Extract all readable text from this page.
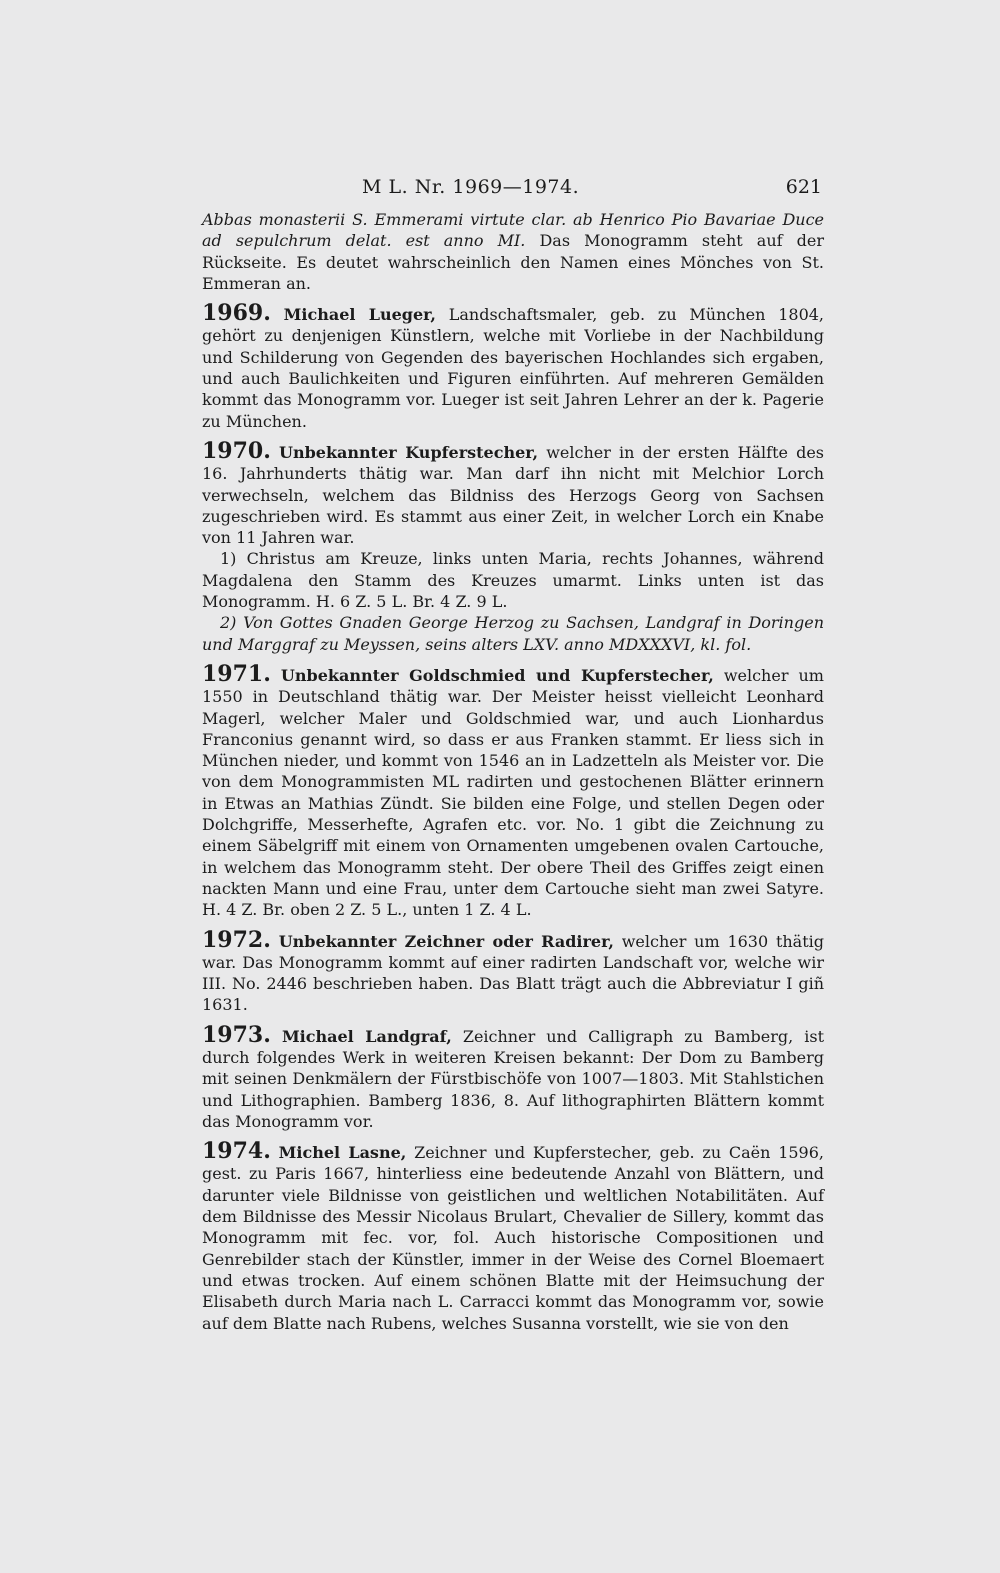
M L. Nr. 1969—1974.	621

Abbas monasterii S. Emmerami virtute clar. ab Henrico Pio Bavariae Duce ad sepulchrum delat. est anno MI. Das Monogramm steht auf der Rückseite. Es deutet wahrscheinlich den Namen eines Mönches von St. Emmeran an.

1969. Michael Lueger, Landschaftsmaler, geb. zu München 1804, gehört zu denjenigen Künstlern, welche mit Vorliebe in der Nachbildung und Schilderung von Gegenden des bayerischen Hochlandes sich ergaben, und auch Baulichkeiten und Figuren einführten. Auf mehreren Gemälden kommt das Monogramm vor. Lueger ist seit Jahren Lehrer an der k. Pagerie zu München.

1970. Unbekannter Kupferstecher, welcher in der ersten Hälfte des 16. Jahrhunderts thätig war. Man darf ihn nicht mit Melchior Lorch verwechseln, welchem das Bildniss des Herzogs Georg von Sachsen zugeschrieben wird. Es stammt aus einer Zeit, in welcher Lorch ein Knabe von 11 Jahren war.

1) Christus am Kreuze, links unten Maria, rechts Johannes, während Magdalena den Stamm des Kreuzes umarmt. Links unten ist das Monogramm. H. 6 Z. 5 L. Br. 4 Z. 9 L.

2) Von Gottes Gnaden George Herzog zu Sachsen, Landgraf in Doringen und Marggraf zu Meyssen, seins alters LXV. anno MDXXXVI, kl. fol.

1971. Unbekannter Goldschmied und Kupferstecher, welcher um 1550 in Deutschland thätig war. Der Meister heisst vielleicht Leonhard Magerl, welcher Maler und Goldschmied war, und auch Lionhardus Franconius genannt wird, so dass er aus Franken stammt. Er liess sich in München nieder, und kommt von 1546 an in Ladzetteln als Meister vor. Die von dem Monogrammisten ML radirten und gestochenen Blätter erinnern in Etwas an Mathias Zündt. Sie bilden eine Folge, und stellen Degen oder Dolchgriffe, Messerhefte, Agrafen etc. vor. No. 1 gibt die Zeichnung zu einem Säbelgriff mit einem von Ornamenten umgebenen ovalen Cartouche, in welchem das Monogramm steht. Der obere Theil des Griffes zeigt einen nackten Mann und eine Frau, unter dem Cartouche sieht man zwei Satyre. H. 4 Z. Br. oben 2 Z. 5 L., unten 1 Z. 4 L.
1972. Unbekannter Zeichner oder Radirer, welcher um 1630 thätig war. Das Monogramm kommt auf einer radirten Landschaft vor, welche wir III. No. 2446 beschrieben haben. Das Blatt trägt auch die Abbreviatur I giñ 1631.
1973. Michael Landgraf, Zeichner und Calligraph zu Bamberg, ist durch folgendes Werk in weiteren Kreisen bekannt: Der Dom zu Bamberg mit seinen Denkmälern der Fürstbischöfe von 1007—1803. Mit Stahlstichen und Lithographien. Bamberg 1836, 8. Auf lithographirten Blättern kommt das Monogramm vor.
1974. Michel Lasne, Zeichner und Kupferstecher, geb. zu Caën 1596, gest. zu Paris 1667, hinterliess eine bedeutende Anzahl von Blättern, und darunter viele Bildnisse von geistlichen und weltlichen Notabilitäten. Auf dem Bildnisse des Messir Nicolaus Brulart, Chevalier de Sillery, kommt das Monogramm mit fec. vor, fol. Auch historische Compositionen und Genrebilder stach der Künstler, immer in der Weise des Cornel Bloemaert und etwas trocken. Auf einem schönen Blatte mit der Heimsuchung der Elisabeth durch Maria nach L. Carracci kommt das Monogramm vor, sowie auf dem Blatte nach Rubens, welches Susanna vorstellt, wie sie von den
